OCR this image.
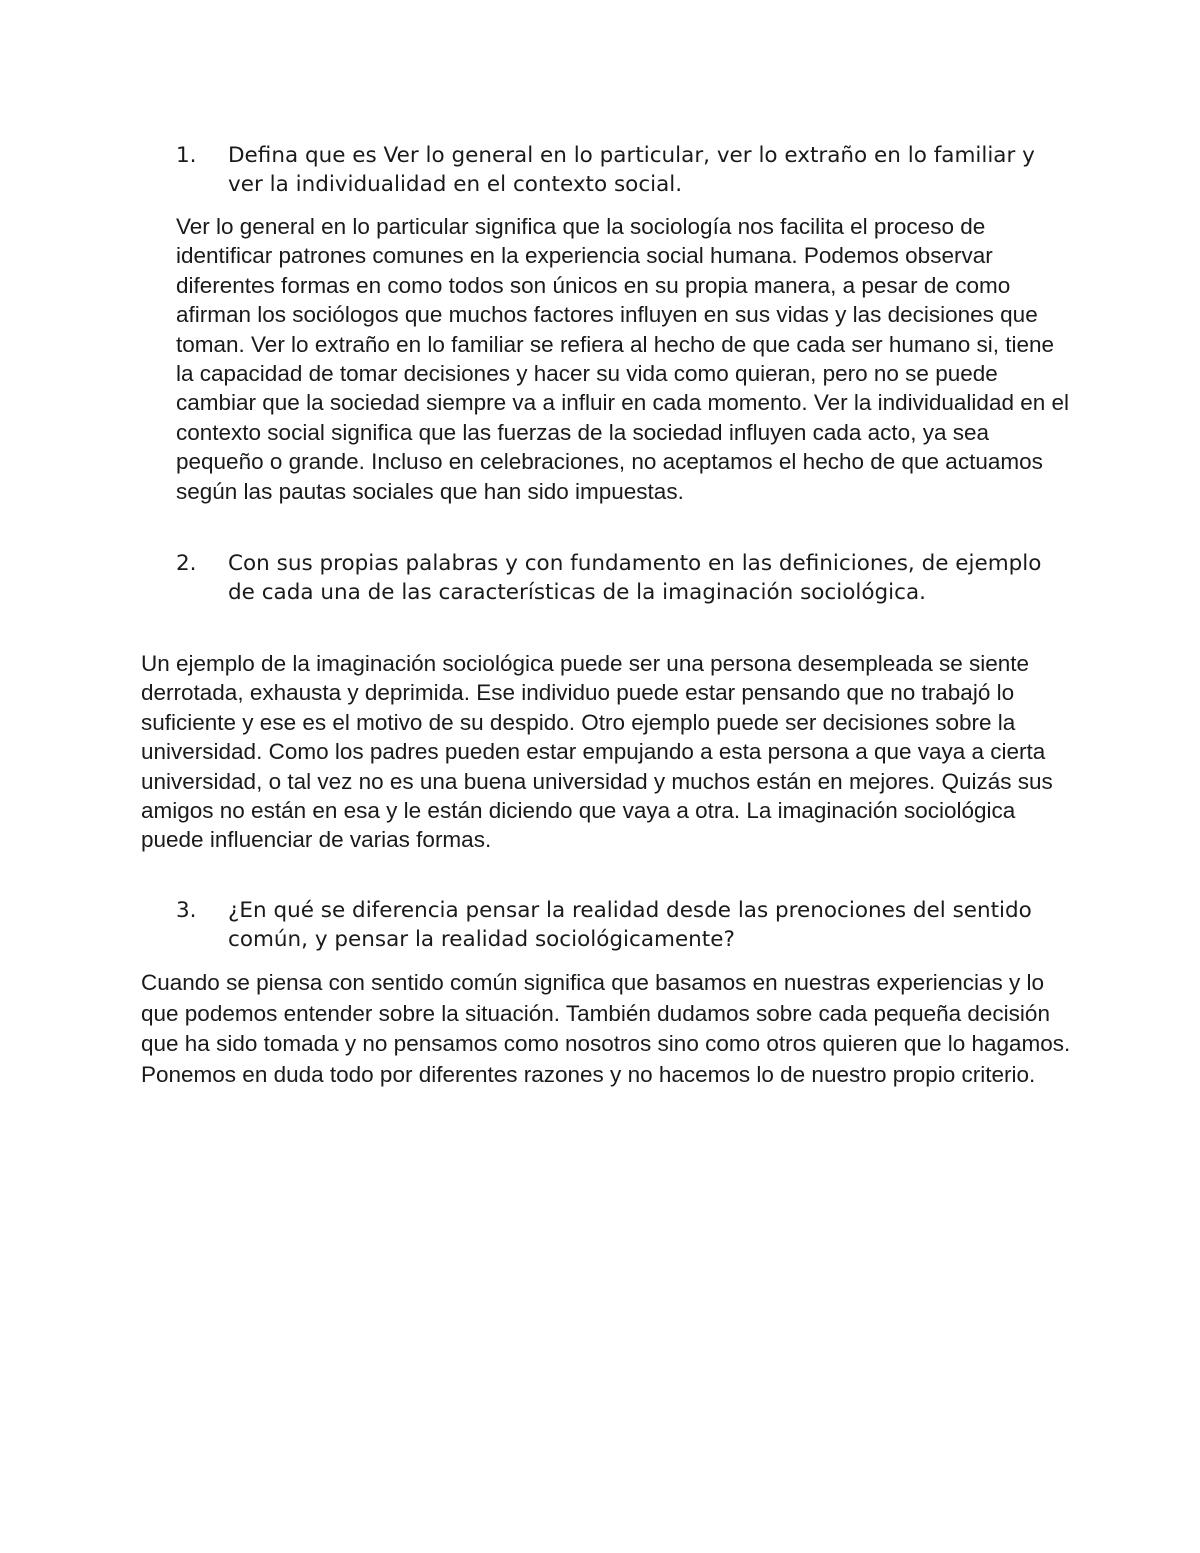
1. Defina que es Ver lo general en lo particular, ver lo extraño en lo familiar y ver la individualidad en el contexto social.

Ver lo general en lo particular significa que la sociología nos facilita el proceso de identificar patrones comunes en la experiencia social humana. Podemos observar diferentes formas en como todos son únicos en su propia manera, a pesar de como afirman los sociólogos que muchos factores influyen en sus vidas y las decisiones que toman. Ver lo extraño en lo familiar se refiera al hecho de que cada ser humano si, tiene la capacidad de tomar decisiones y hacer su vida como quieran, pero no se puede cambiar que la sociedad siempre va a influir en cada momento. Ver la individualidad en el contexto social significa que las fuerzas de la sociedad influyen cada acto, ya sea pequeño o grande. Incluso en celebraciones, no aceptamos el hecho de que actuamos según las pautas sociales que han sido impuestas.

2. Con sus propias palabras y con fundamento en las definiciones, de ejemplo de cada una de las características de la imaginación sociológica.

Un ejemplo de la imaginación sociológica puede ser una persona desempleada se siente derrotada, exhausta y deprimida. Ese individuo puede estar pensando que no trabajó lo suficiente y ese es el motivo de su despido. Otro ejemplo puede ser decisiones sobre la universidad. Como los padres pueden estar empujando a esta persona a que vaya a cierta universidad, o tal vez no es una buena universidad y muchos están en mejores. Quizás sus amigos no están en esa y le están diciendo que vaya a otra. La imaginación sociológica puede influenciar de varias formas.

3. ¿En qué se diferencia pensar la realidad desde las prenociones del sentido común, y pensar la realidad sociológicamente?

Cuando se piensa con sentido común significa que basamos en nuestras experiencias y lo que podemos entender sobre la situación. También dudamos sobre cada pequeña decisión que ha sido tomada y no pensamos como nosotros sino como otros quieren que lo hagamos. Ponemos en duda todo por diferentes razones y no hacemos lo de nuestro propio criterio.
